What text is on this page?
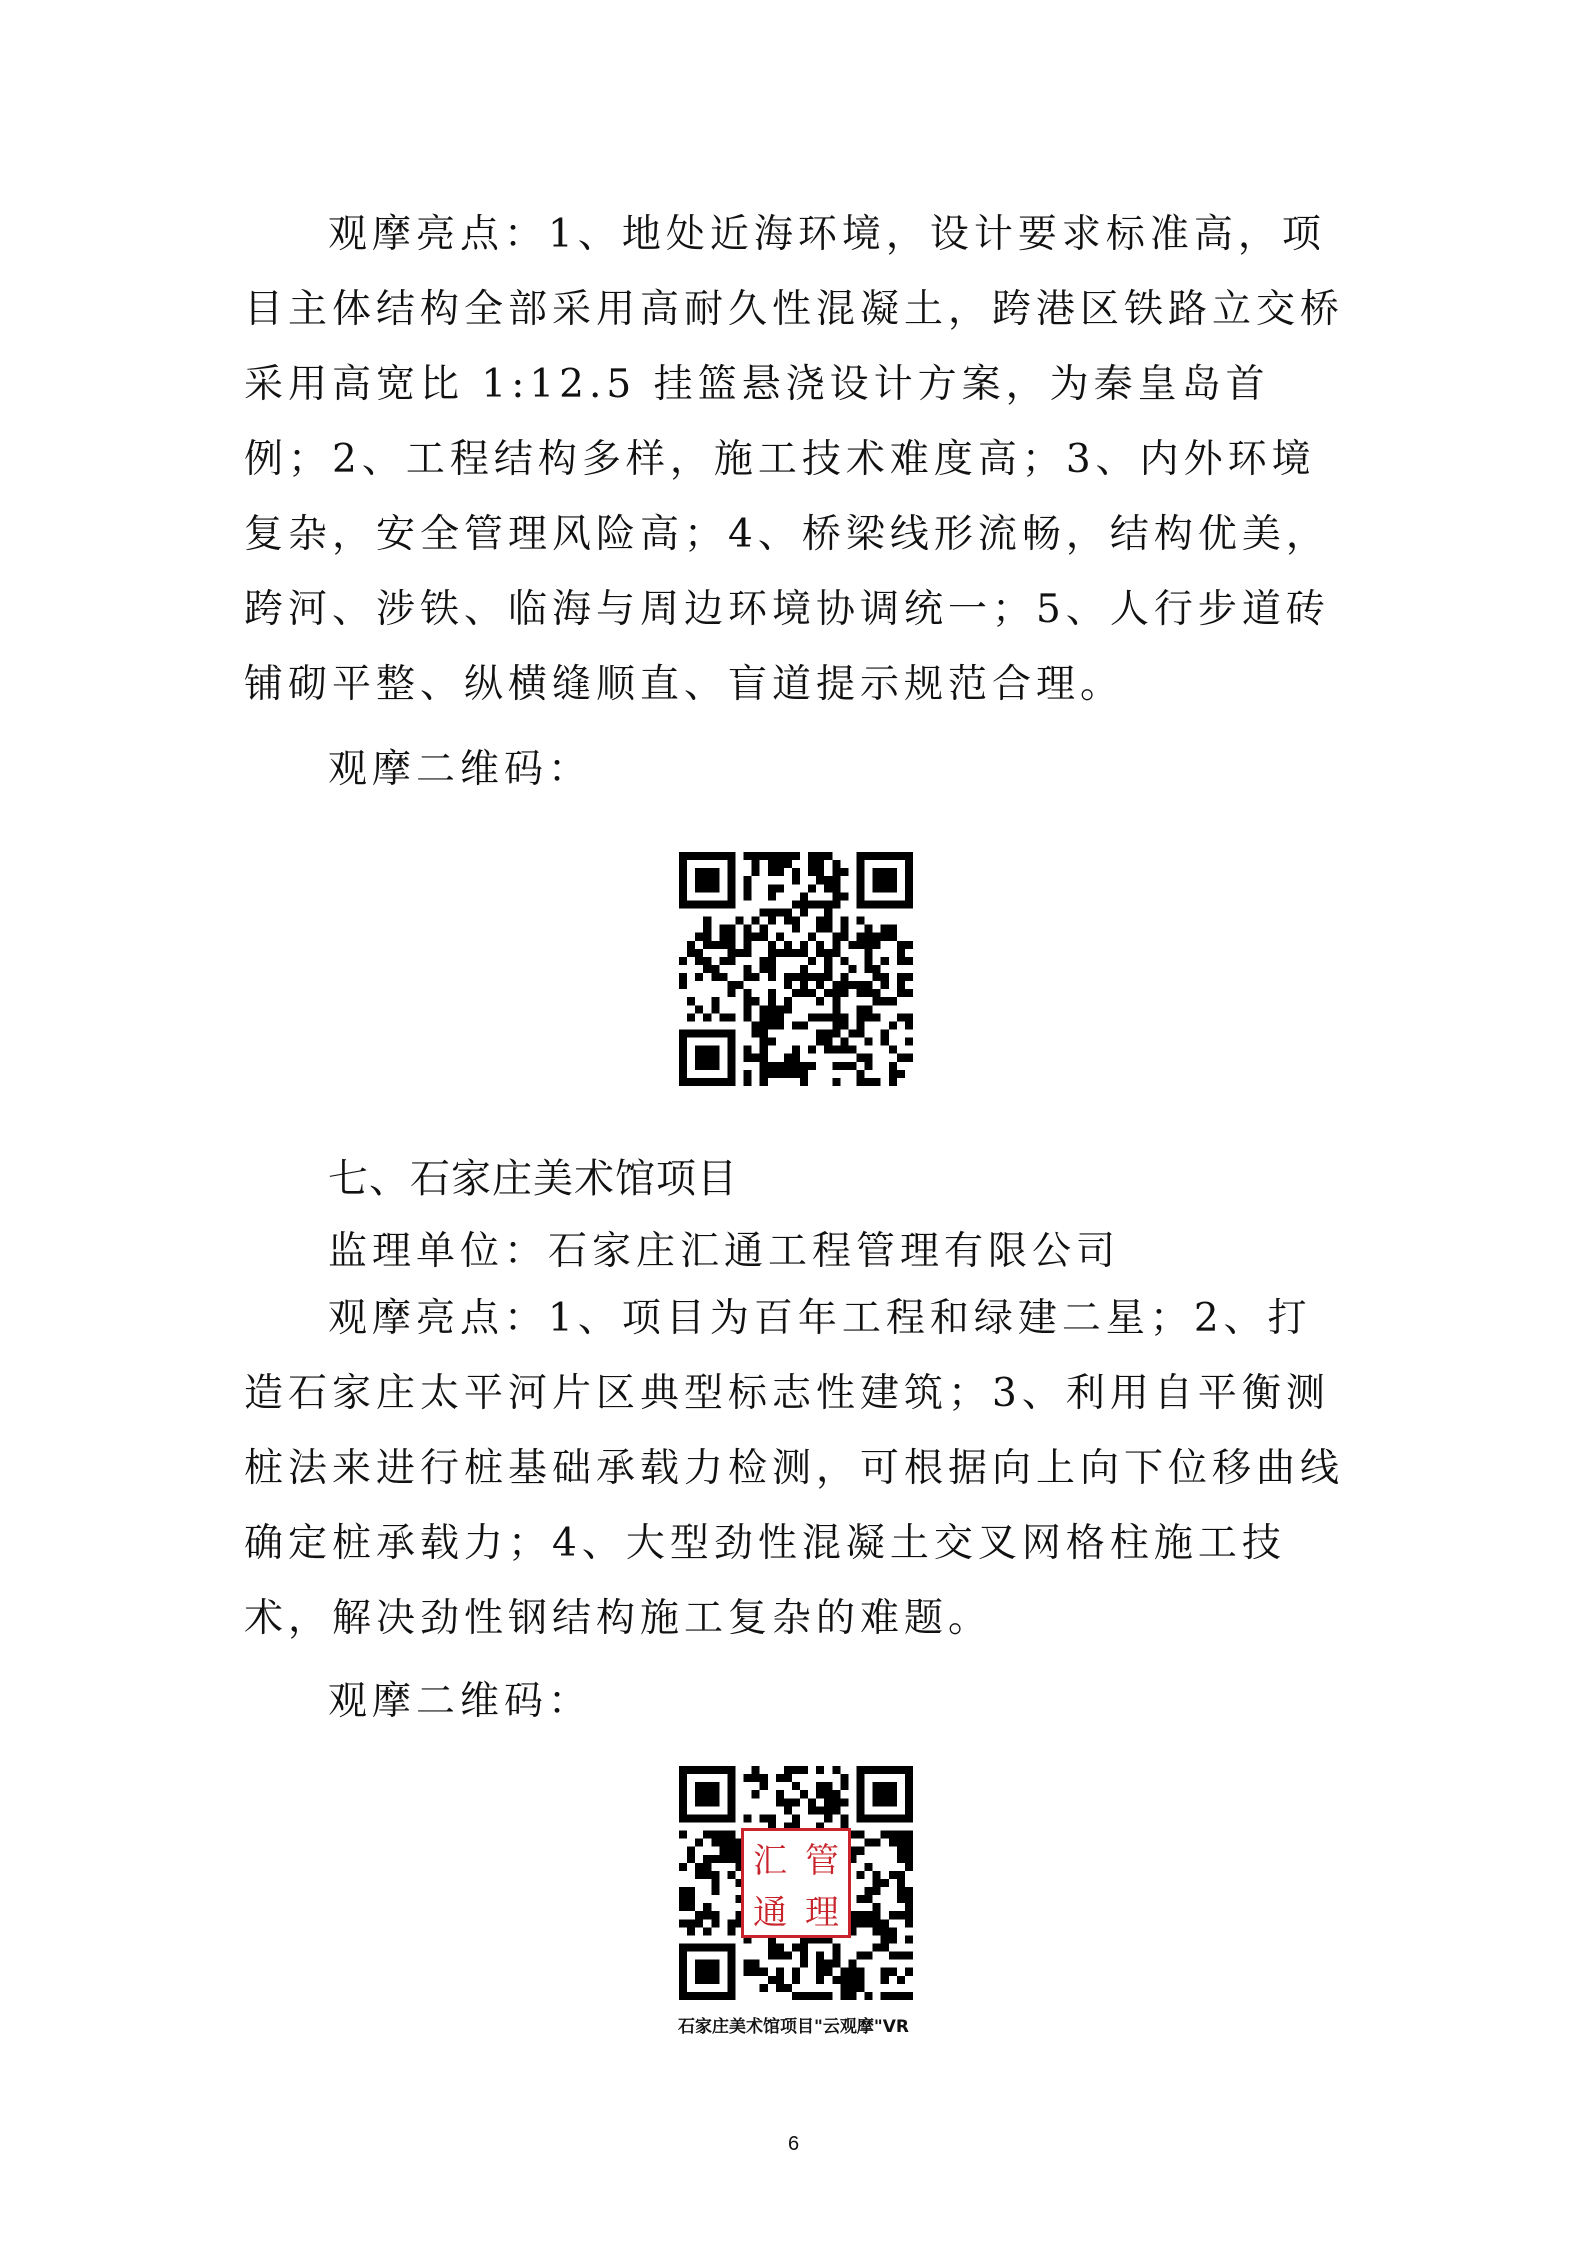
观摩亮点：1、地处近海环境，设计要求标准高，项目主体结构全部采用高耐久性混凝土，跨港区铁路立交桥采用高宽比 1:12.5 挂篮悬浇设计方案，为秦皇岛首例；2、工程结构多样，施工技术难度高；3、内外环境复杂，安全管理风险高；4、桥梁线形流畅，结构优美，跨河、涉铁、临海与周边环境协调统一；5、人行步道砖铺砌平整、纵横缝顺直、盲道提示规范合理。

观摩二维码：

七、石家庄美术馆项目

监理单位：石家庄汇通工程管理有限公司

观摩亮点：1、项目为百年工程和绿建二星；2、打造石家庄太平河片区典型标志性建筑；3、利用自平衡测桩法来进行桩基础承载力检测，可根据向上向下位移曲线确定桩承载力；4、大型劲性混凝土交叉网格柱施工技术，解决劲性钢结构施工复杂的难题。

观摩二维码：

汇 管
通 理
石家庄美术馆项目"云观摩"VR
6
